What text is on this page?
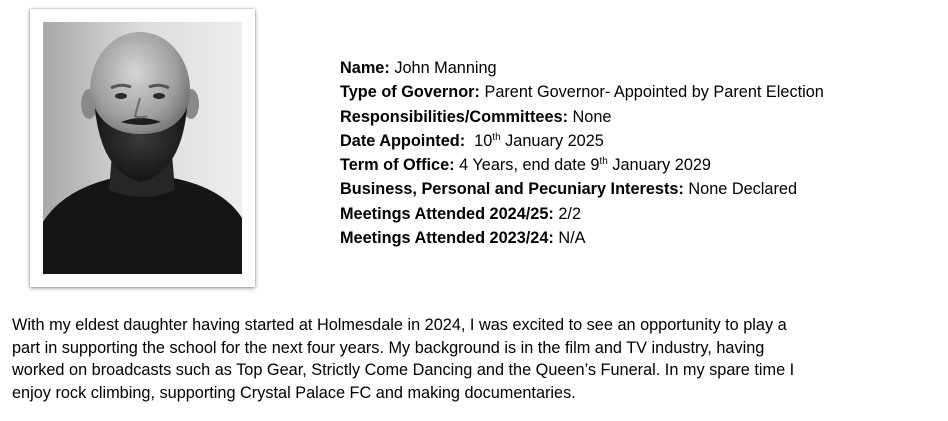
Name: John Manning
Type of Governor: Parent Governor- Appointed by Parent Election
Responsibilities/Committees: None
Date Appointed:  10th January 2025
Term of Office: 4 Years, end date 9th January 2029
Business, Personal and Pecuniary Interests: None Declared
Meetings Attended 2024/25: 2/2
Meetings Attended 2023/24: N/A

With my eldest daughter having started at Holmesdale in 2024, I was excited to see an opportunity to play a

part in supporting the school for the next four years. My background is in the film and TV industry, having

worked on broadcasts such as Top Gear, Strictly Come Dancing and the Queen’s Funeral. In my spare time I

enjoy rock climbing, supporting Crystal Palace FC and making documentaries.
